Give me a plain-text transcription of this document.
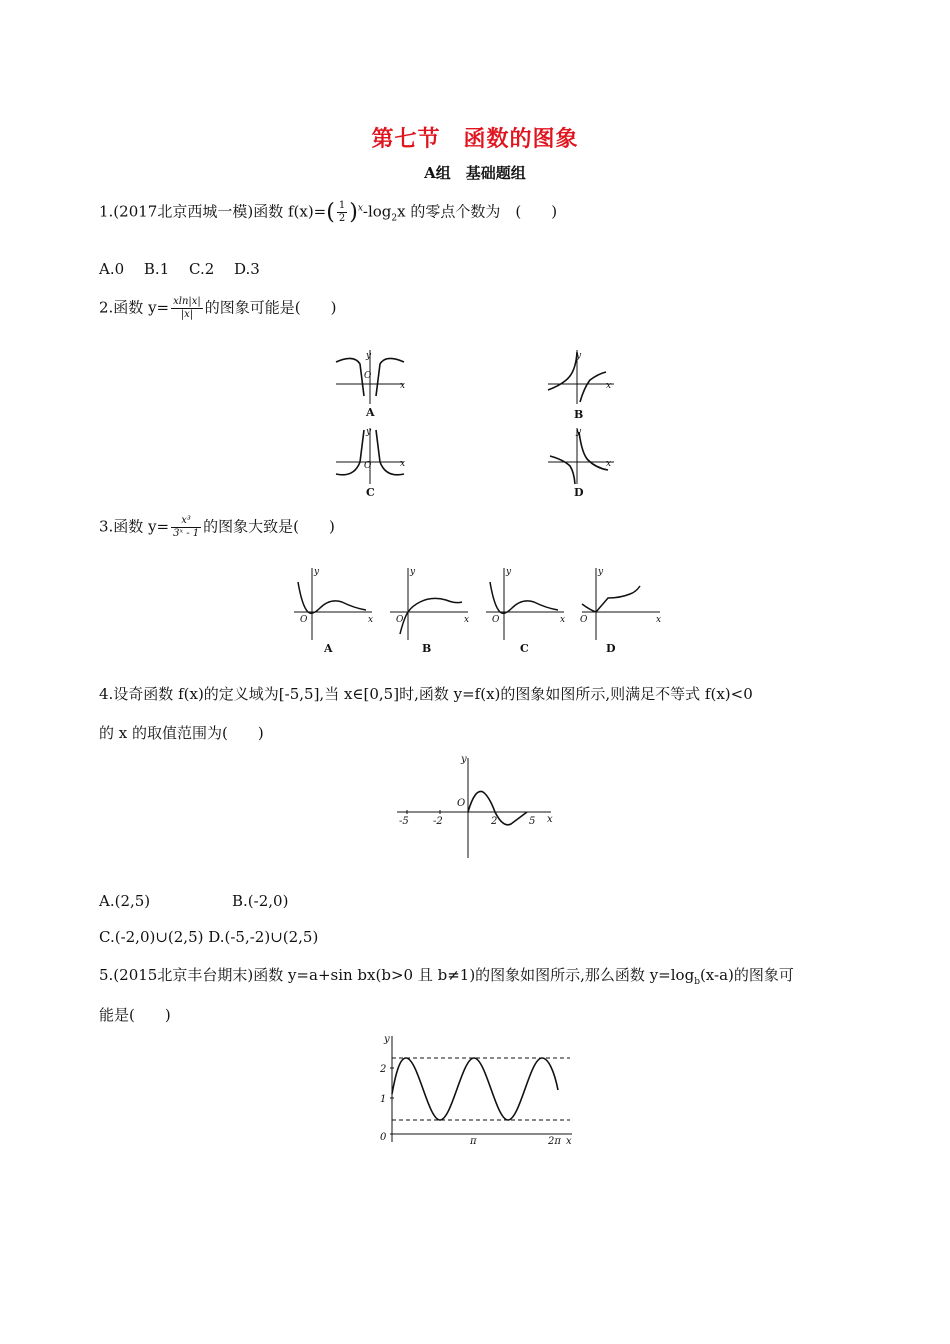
第七节　函数的图象
A组　基础题组
1.(2017北京西城一模)函数 $f(x)=( \frac{1}{2} )^x-\log_2x$ 的零点个数为　(　　)
A.0　 B.1　 C.2　 D.3
2.函数 $y= \frac{xln|x|}{|x|}$ 的图象可能是(　　)
y
x
O
A
y
x
B
y
x
O
C
y
x
D
3.函数 $y= \frac{\text{x³}}{\text{3ˣ - 1}}$ 的图象大致是(　　)
y
x
O
A
y
x
O
B
y
x
O
C
y
x
O
D
4.设奇函数 f(x)的定义域为[-5,5],当 x∈[0,5]时,函数 y=f(x)的图象如图所示,则满足不等式 f(x)<0
的 x 的取值范围为(　　)
y
x
O
-5 -2	2	5
A.(2,5)	B.(-2,0)
C.(-2,0)∪(2,5) D.(-5,-2)∪(2,5)
5.(2015北京丰台期末)函数 y=a+sin bx(b>0 且 b≠1)的图象如图所示,那么函数 $y=\log_b(x-a)$的图象可
能是(　　)
y
x
0
2
1
π	2π
